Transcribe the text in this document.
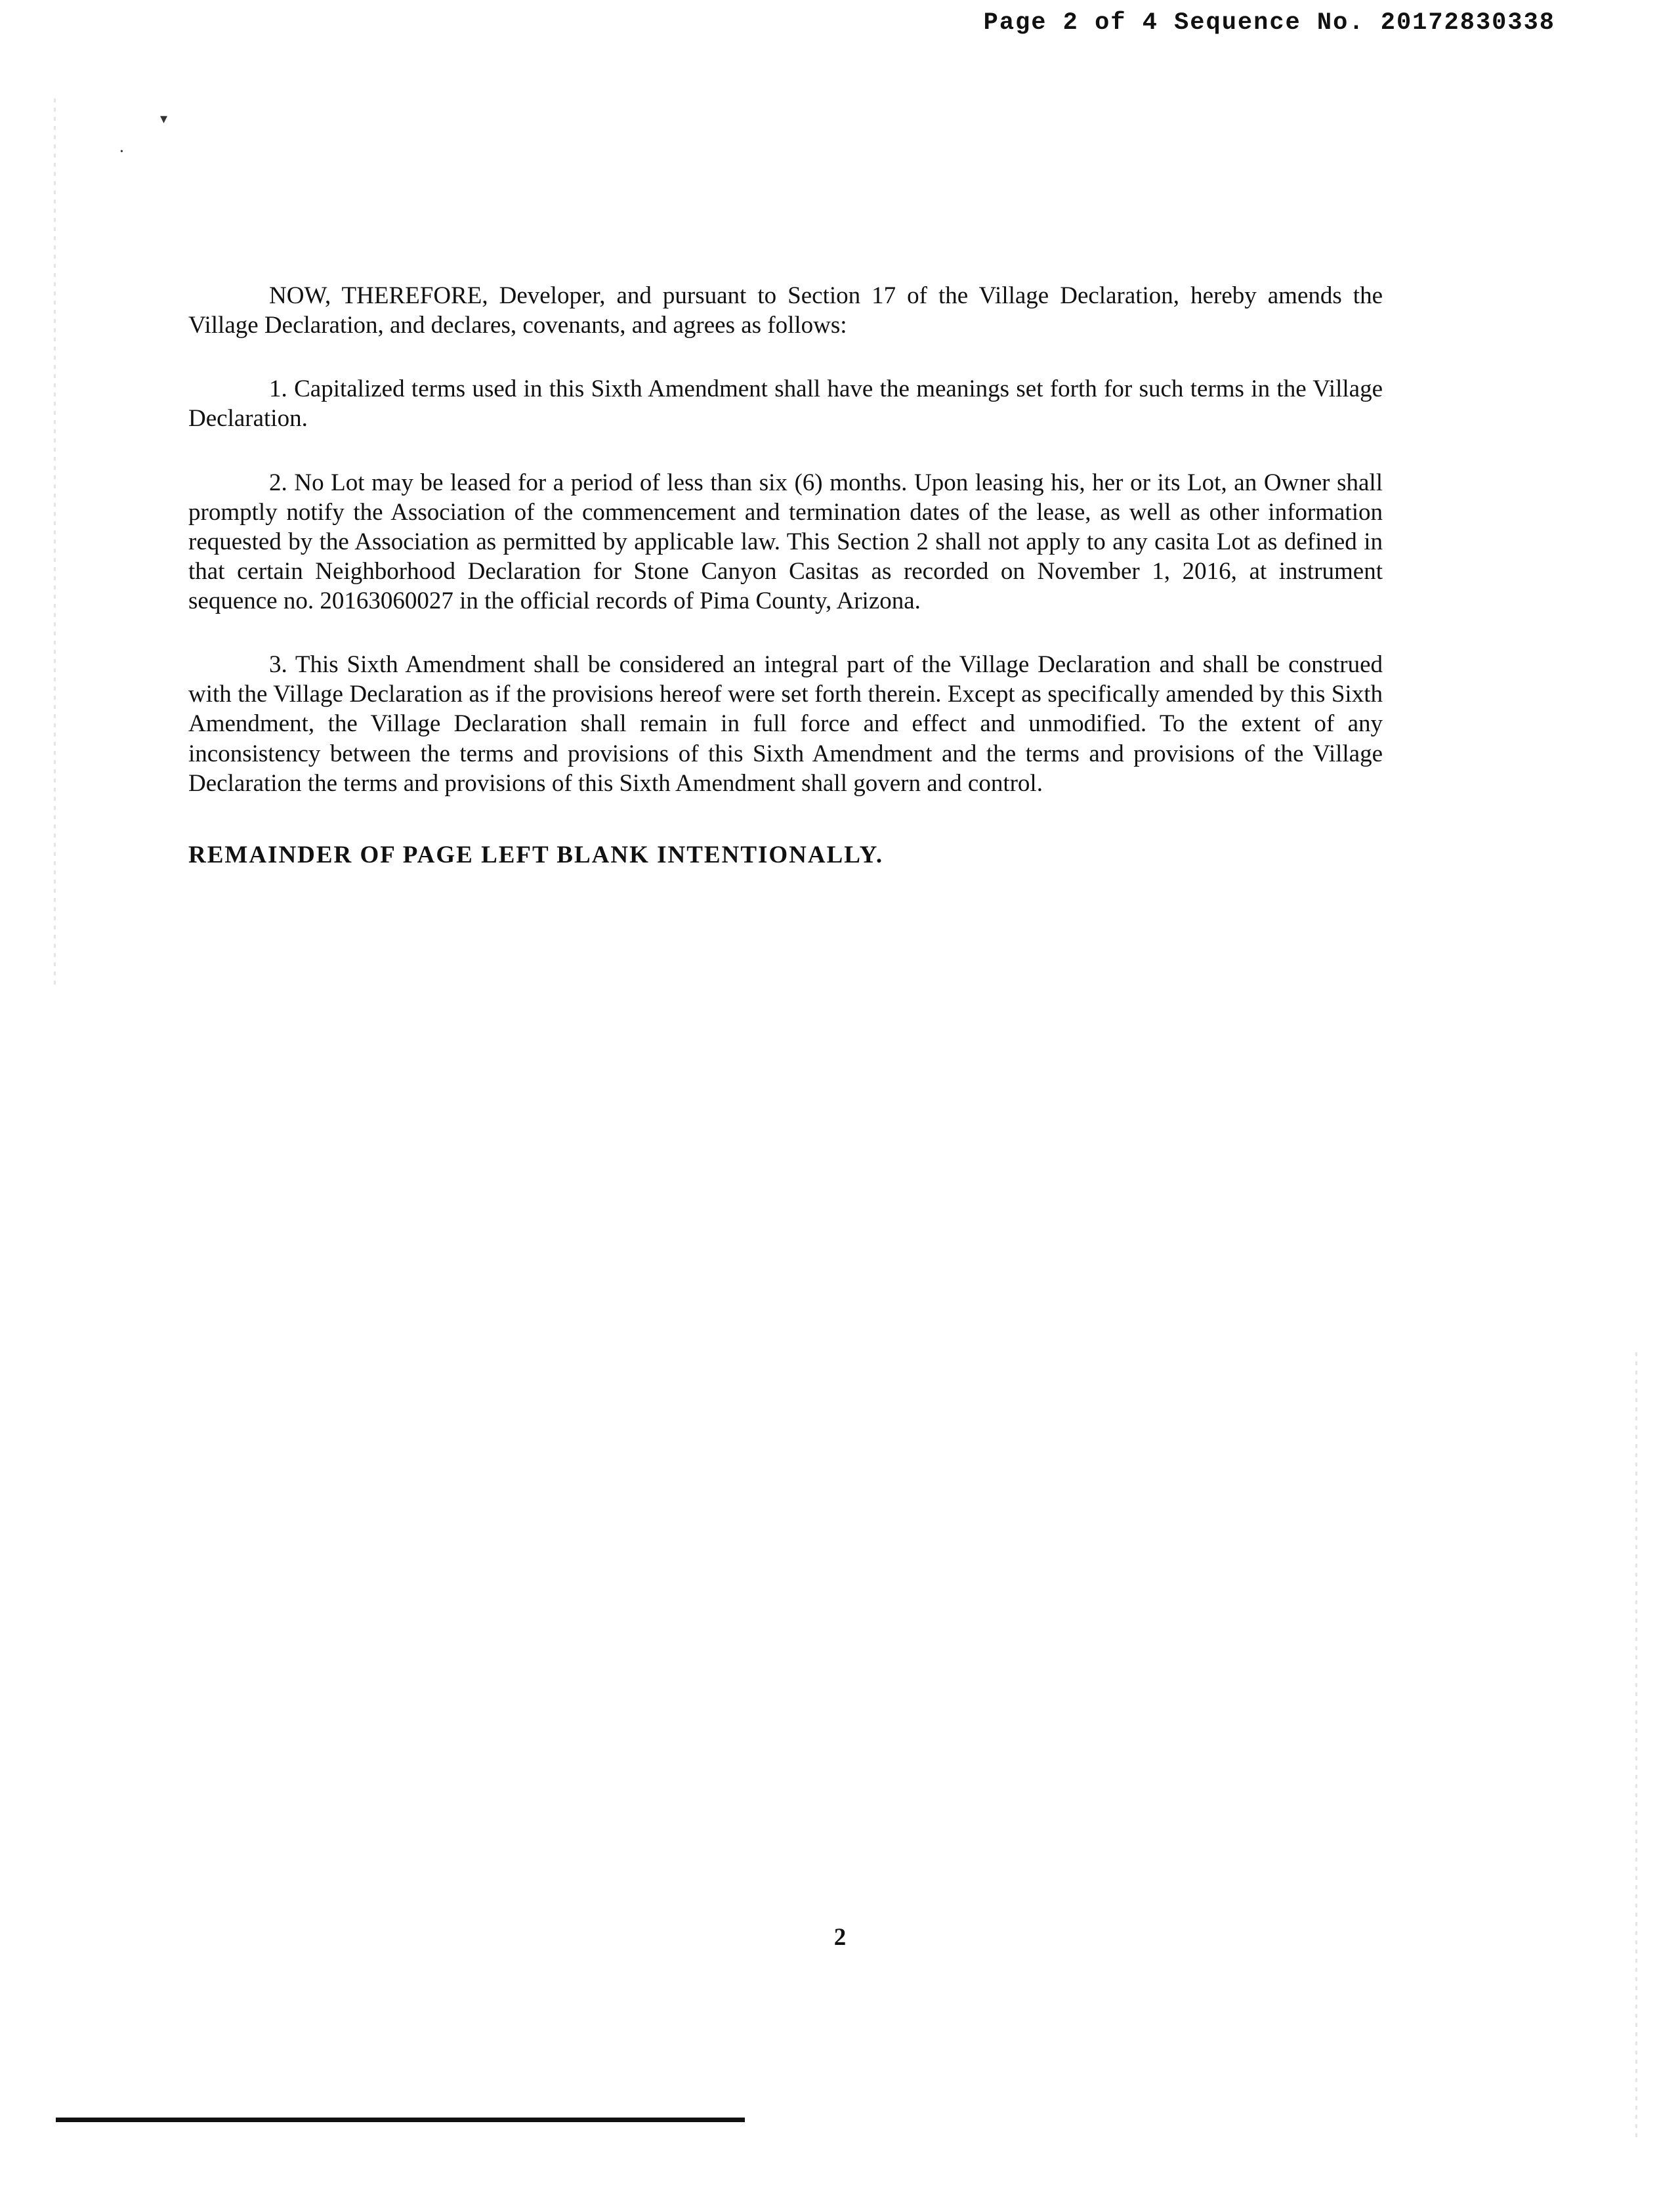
Page 2 of 4 Sequence No. 20172830338
▾
•

NOW, THEREFORE, Developer, and pursuant to Section 17 of the Village Declaration, hereby amends the Village Declaration, and declares, covenants, and agrees as follows:

1. Capitalized terms used in this Sixth Amendment shall have the meanings set forth for such terms in the Village Declaration.

2. No Lot may be leased for a period of less than six (6) months. Upon leasing his, her or its Lot, an Owner shall promptly notify the Association of the commencement and termination dates of the lease, as well as other information requested by the Association as permitted by applicable law. This Section 2 shall not apply to any casita Lot as defined in that certain Neighborhood Declaration for Stone Canyon Casitas as recorded on November 1, 2016, at instrument sequence no. 20163060027 in the official records of Pima County, Arizona.

3. This Sixth Amendment shall be considered an integral part of the Village Declaration and shall be construed with the Village Declaration as if the provisions hereof were set forth therein. Except as specifically amended by this Sixth Amendment, the Village Declaration shall remain in full force and effect and unmodified. To the extent of any inconsistency between the terms and provisions of this Sixth Amendment and the terms and provisions of the Village Declaration the terms and provisions of this Sixth Amendment shall govern and control.

REMAINDER OF PAGE LEFT BLANK INTENTIONALLY.
2
